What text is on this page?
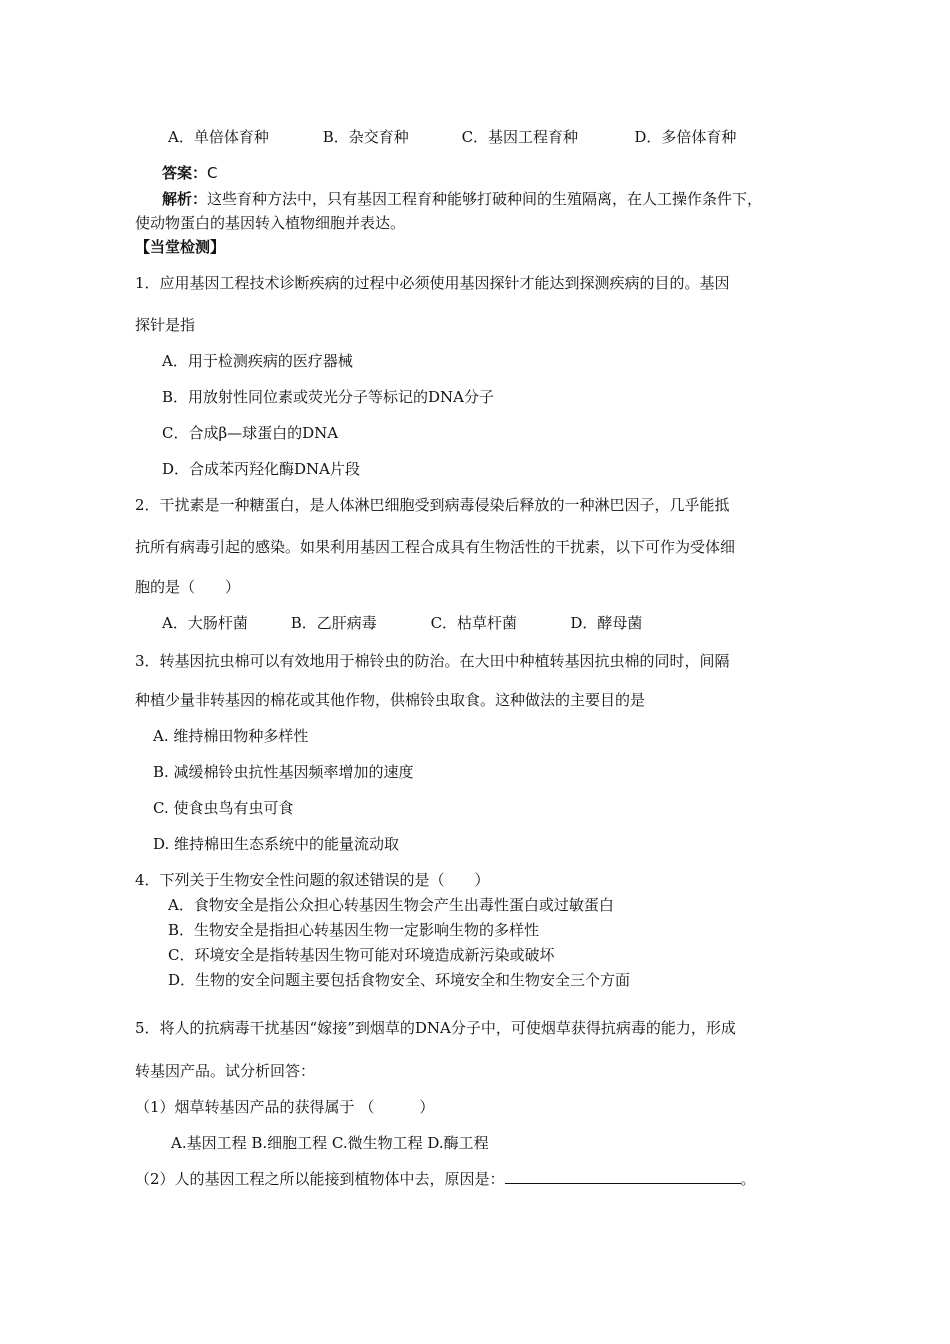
A．单倍体育种	B．杂交育种	C．基因工程育种	D．多倍体育种
答案：C
解析：这些育种方法中，只有基因工程育种能够打破种间的生殖隔离，在人工操作条件下，
使动物蛋白的基因转入植物细胞并表达。
【当堂检测】
1．应用基因工程技术诊断疾病的过程中必须使用基因探针才能达到探测疾病的目的。基因
探针是指
A．用于检测疾病的医疗器械
B．用放射性同位素或荧光分子等标记的DNA分子
C．合成β—球蛋白的DNA
D．合成苯丙羟化酶DNA片段
2．干扰素是一种糖蛋白，是人体淋巴细胞受到病毒侵染后释放的一种淋巴因子，几乎能抵
抗所有病毒引起的感染。如果利用基因工程合成具有生物活性的干扰素，以下可作为受体细
胞的是（　　）
A．大肠杆菌	B．乙肝病毒	C．枯草杆菌	D．酵母菌
3．转基因抗虫棉可以有效地用于棉铃虫的防治。在大田中种植转基因抗虫棉的同时，间隔
种植少量非转基因的棉花或其他作物，供棉铃虫取食。这种做法的主要目的是
A. 维持棉田物种多样性
B. 减缓棉铃虫抗性基因频率增加的速度
C. 使食虫鸟有虫可食
D. 维持棉田生态系统中的能量流动取
4．下列关于生物安全性问题的叙述错误的是（　　）
A．食物安全是指公众担心转基因生物会产生出毒性蛋白或过敏蛋白
B．生物安全是指担心转基因生物一定影响生物的多样性
C．环境安全是指转基因生物可能对环境造成新污染或破坏
D．生物的安全问题主要包括食物安全、环境安全和生物安全三个方面
5．将人的抗病毒干扰基因“嫁接”到烟草的DNA分子中，可使烟草获得抗病毒的能力，形成
转基因产品。试分析回答：
（1）烟草转基因产品的获得属于 （　　　）
A.基因工程 B.细胞工程 C.微生物工程 D.酶工程
（2）人的基因工程之所以能接到植物体中去，原因是：	。
